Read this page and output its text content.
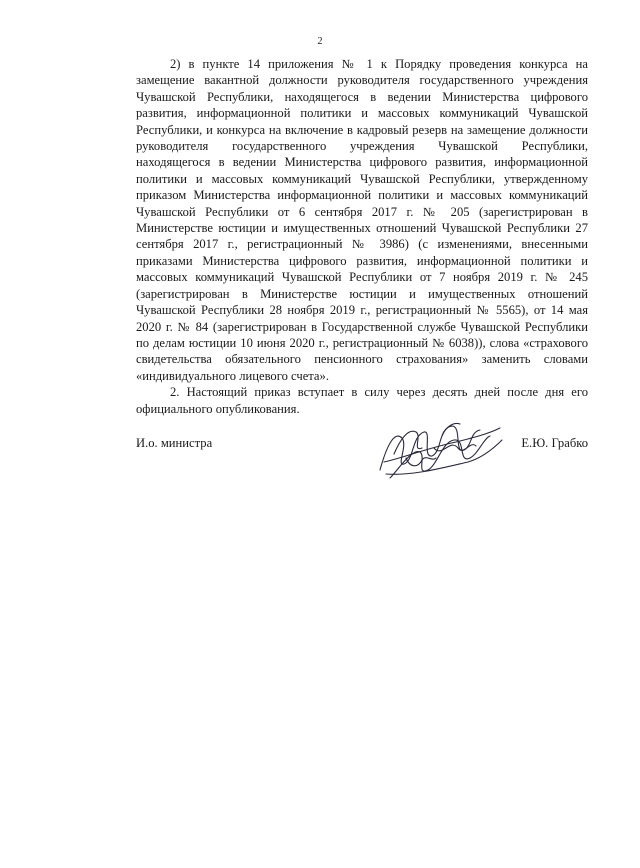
2
2) в пункте 14 приложения № 1 к Порядку проведения конкурса на
замещение вакантной должности руководителя государственного учреждения
Чувашской Республики, находящегося в ведении Министерства цифрового
развития, информационной политики и массовых коммуникаций Чувашской
Республики, и конкурса на включение в кадровый резерв на замещение должности
руководителя государственного учреждения Чувашской Республики,
находящегося в ведении Министерства цифрового развития, информационной
политики и массовых коммуникаций Чувашской Республики, утвержденному
приказом Министерства информационной политики и массовых коммуникаций
Чувашской Республики от 6 сентября 2017 г. № 205 (зарегистрирован в
Министерстве юстиции и имущественных отношений Чувашской Республики 27
сентября 2017 г., регистрационный № 3986) (с изменениями, внесенными
приказами Министерства цифрового развития, информационной политики и
массовых коммуникаций Чувашской Республики от 7 ноября 2019 г. № 245
(зарегистрирован в Министерстве юстиции и имущественных отношений
Чувашской Республики 28 ноября 2019 г., регистрационный № 5565), от 14 мая
2020 г. № 84 (зарегистрирован в Государственной службе Чувашской Республики
по делам юстиции 10 июня 2020 г., регистрационный № 6038)), слова «страхового
свидетельства обязательного пенсионного страхования» заменить словами
«индивидуального лицевого счета».
2. Настоящий приказ вступает в силу через десять дней после дня его
официального опубликования.
И.о. министра	Е.Ю. Грабко
